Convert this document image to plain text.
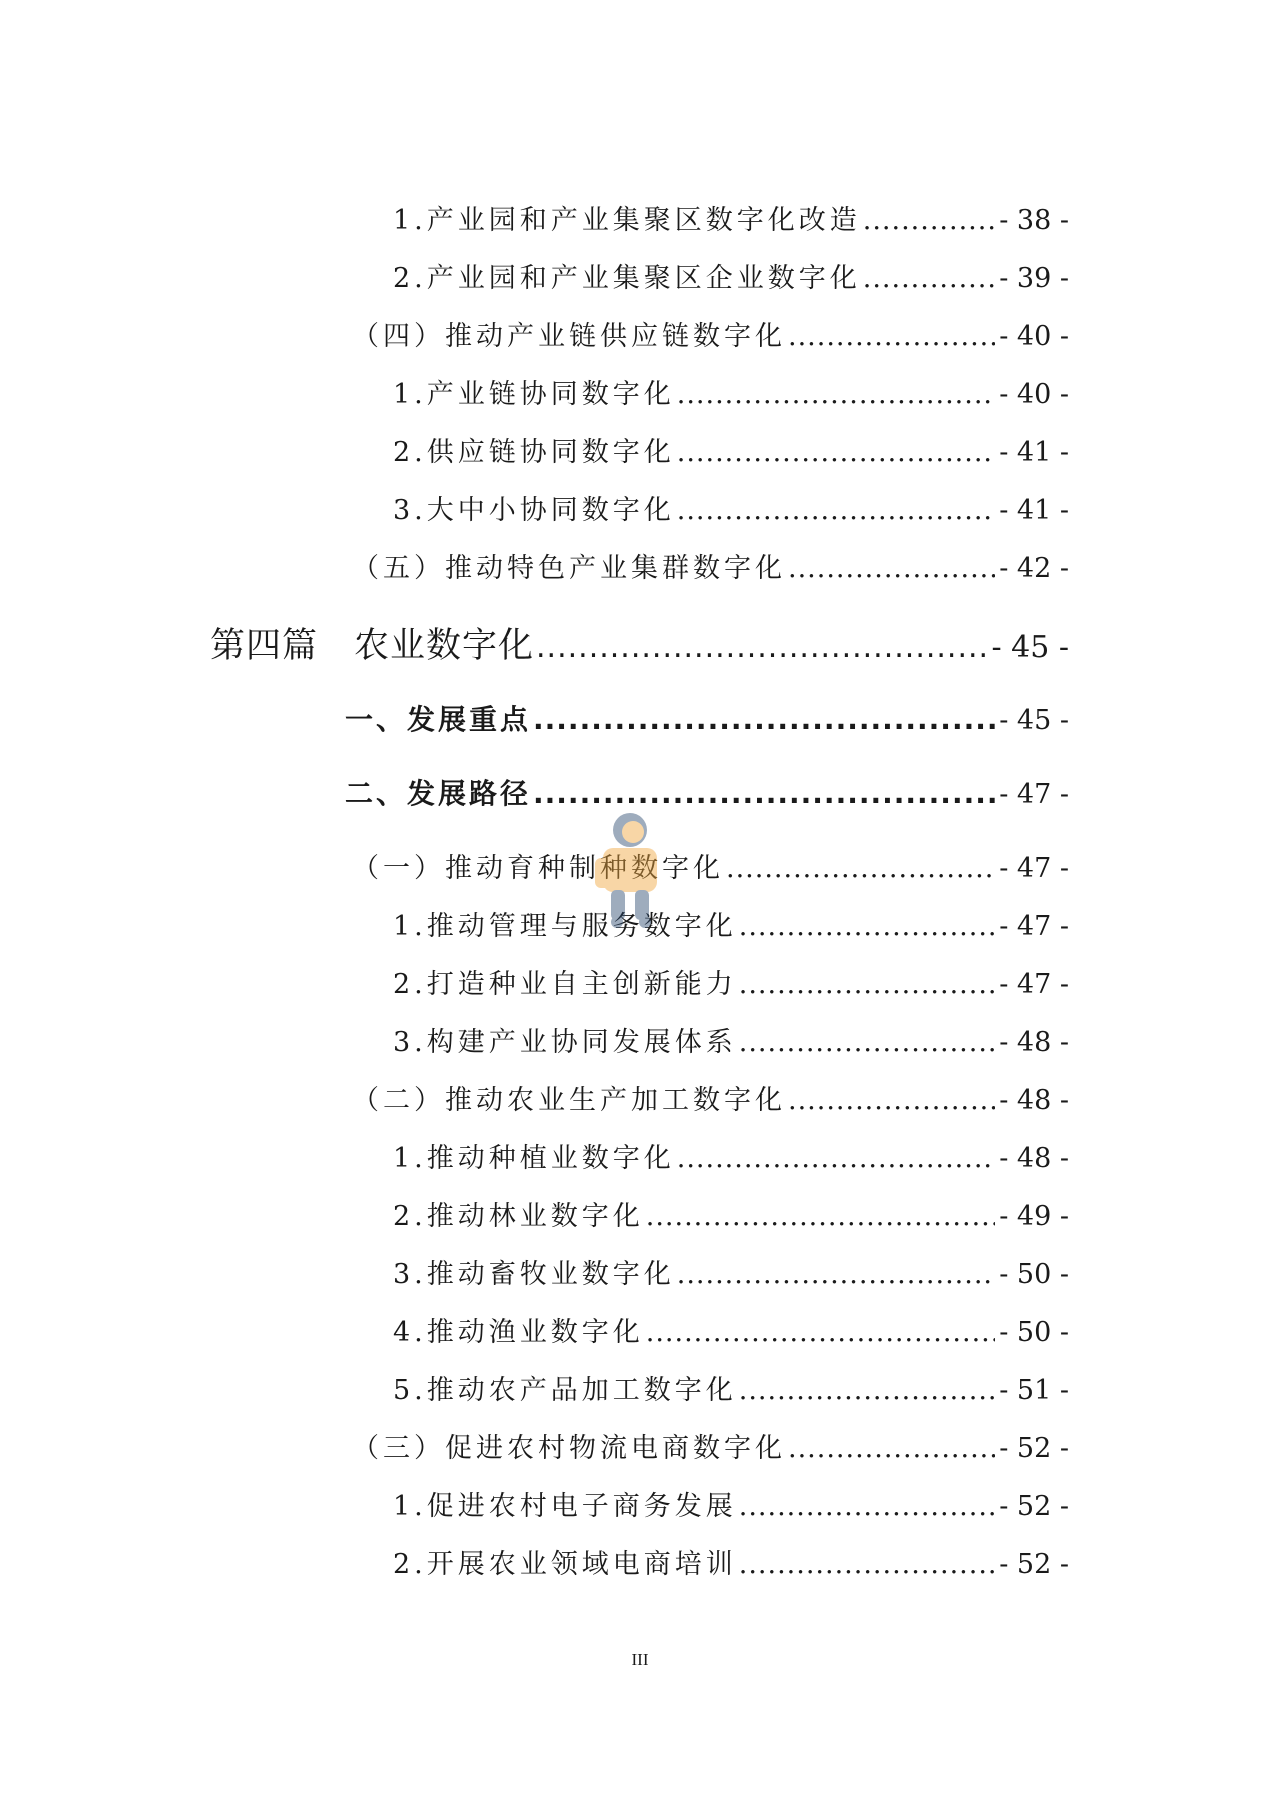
1.产业园和产业集聚区数字化改造 .....	- 38 -
2.产业园和产业集聚区企业数字化 .....	- 39 -
（四）推动产业链供应链数字化 .....	- 40 -
1.产业链协同数字化 .....	- 40 -
2.供应链协同数字化 .....	- 41 -
3.大中小协同数字化 .....	- 41 -
（五）推动特色产业集群数字化 .....	- 42 -
第四篇　农业数字化 .....	- 45 -
一、发展重点 .....	- 45 -
二、发展路径 .....	- 47 -
（一）推动育种制种数字化 .....	- 47 -
1.推动管理与服务数字化 .....	- 47 -
2.打造种业自主创新能力 .....	- 47 -
3.构建产业协同发展体系 .....	- 48 -
（二）推动农业生产加工数字化 .....	- 48 -
1.推动种植业数字化 .....	- 48 -
2.推动林业数字化 .....	- 49 -
3.推动畜牧业数字化 .....	- 50 -
4.推动渔业数字化 .....	- 50 -
5.推动农产品加工数字化 .....	- 51 -
（三）促进农村物流电商数字化 .....	- 52 -
1.促进农村电子商务发展 .....	- 52 -
2.开展农业领域电商培训 .....	- 52 -
III
